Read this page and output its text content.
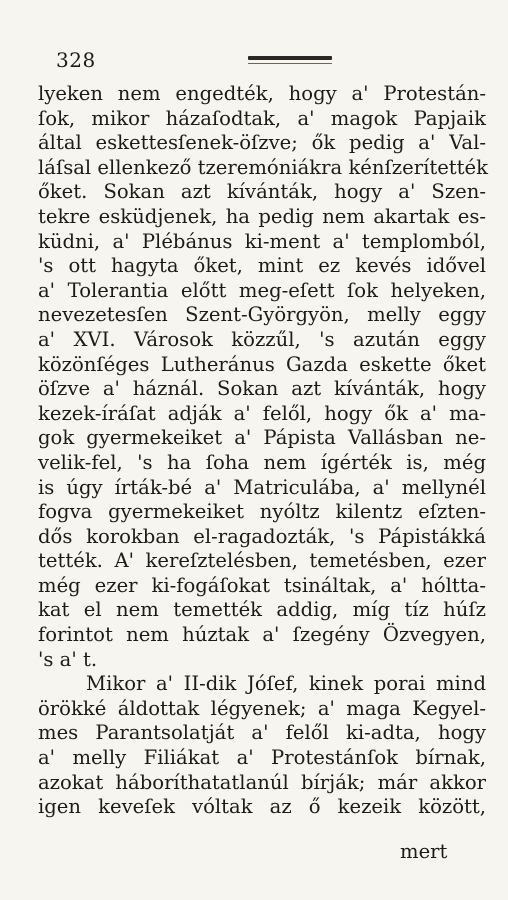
328
lyeken nem engedték, hogy a' Protestán-
ſok, mikor házaſodtak, a' magok Papjaik
által eskettesſenek-öſzve; ők pedig a' Val-
láſsal ellenkező tzeremóniákra kénſzerítették
őket. Sokan azt kívánták, hogy a' Szen-
tekre esküdjenek, ha pedig nem akartak es-
küdni, a' Plébánus ki-ment a' templomból,
's ott hagyta őket, mint ez kevés idővel
a' Tolerantia előtt meg-eſett ſok helyeken,
nevezetesſen Szent-Györgyön, melly eggy
a' XVI. Városok közzűl, 's azután eggy
közönſéges Lutheránus Gazda eskette őket
öſzve a' háznál. Sokan azt kívánták, hogy
kezek-íráſat adják a' felől, hogy ők a' ma-
gok gyermekeiket a' Pápista Vallásban ne-
velik-fel, 's ha ſoha nem ígérték is, még
is úgy írták-bé a' Matriculába, a' mellynél
fogva gyermekeiket nyóltz kilentz eſzten-
dős korokban el-ragadozták, 's Pápistákká
tették. A' kereſztelésben, temetésben, ezer
még ezer ki-fogáſokat tsináltak, a' hóltta-
kat el nem temették addig, míg tíz húſz
forintot nem húztak a' ſzegény Özvegyen,
's a' t.
Mikor a' II-dik Jóſef, kinek porai mind
örökké áldottak légyenek; a' maga Kegyel-
mes Parantsolatját a' felől ki-adta, hogy
a' melly Filiákat a' Protestánſok bírnak,
azokat háboríthatatlanúl bírják; már akkor
igen keveſek vóltak az ő kezeik között,
mert
